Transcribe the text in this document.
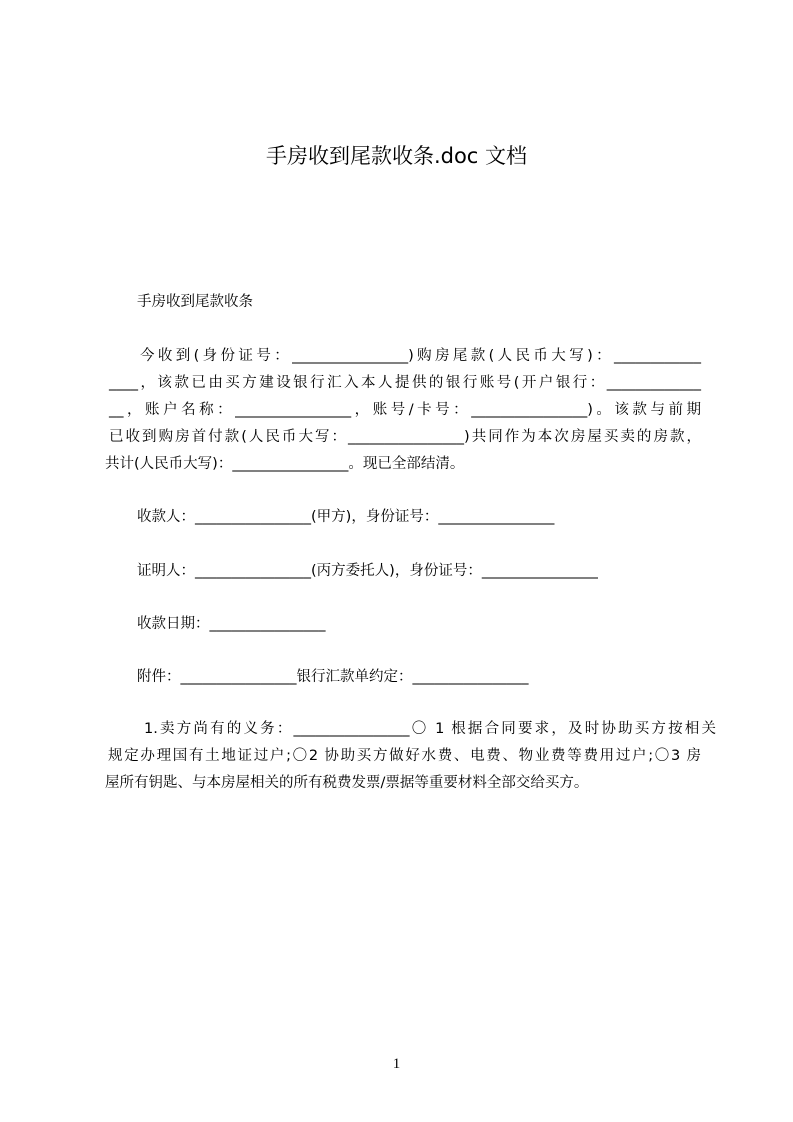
手房收到尾款收条.doc 文档
手房收到尾款收条
今收到(身份证号：________________)购房尾款(人民币大写)：____________
____，该款已由买方建设银行汇入本人提供的银行账号(开户银行：_____________
__，账户名称：________________，账号/卡号：________________)。该款与前期
已收到购房首付款(人民币大写：________________)共同作为本次房屋买卖的房款，
共计(人民币大写)：________________。现已全部结清。
收款人：________________(甲方)，身份证号：________________
证明人：________________(丙方委托人)，身份证号：________________
收款日期：________________
附件：________________银行汇款单约定：________________
1.卖方尚有的义务：________________〇 1 根据合同要求，及时协助买方按相关
规定办理国有土地证过户;〇2 协助买方做好水费、电费、物业费等费用过户;〇3 房
屋所有钥匙、与本房屋相关的所有税费发票/票据等重要材料全部交给买方。
1
